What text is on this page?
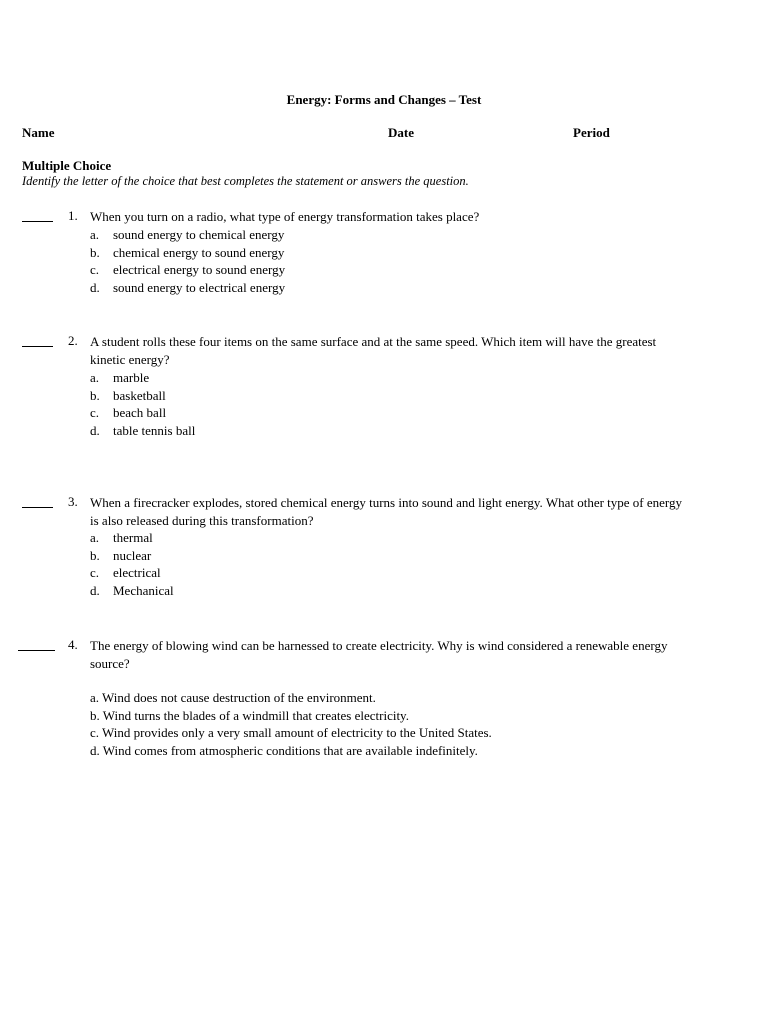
Energy: Forms and Changes – Test
Name	Date	Period
Multiple Choice
Identify the letter of the choice that best completes the statement or answers the question.
1. When you turn on a radio, what type of energy transformation takes place?
a. sound energy to chemical energy
b. chemical energy to sound energy
c. electrical energy to sound energy
d. sound energy to electrical energy
2. A student rolls these four items on the same surface and at the same speed. Which item will have the greatest kinetic energy?
a. marble
b. basketball
c. beach ball
d. table tennis ball
3. When a firecracker explodes, stored chemical energy turns into sound and light energy. What other type of energy is also released during this transformation?
a. thermal
b. nuclear
c. electrical
d. Mechanical
4. The energy of blowing wind can be harnessed to create electricity. Why is wind considered a renewable energy source?
a. Wind does not cause destruction of the environment.
b. Wind turns the blades of a windmill that creates electricity.
c. Wind provides only a very small amount of electricity to the United States.
d. Wind comes from atmospheric conditions that are available indefinitely.
